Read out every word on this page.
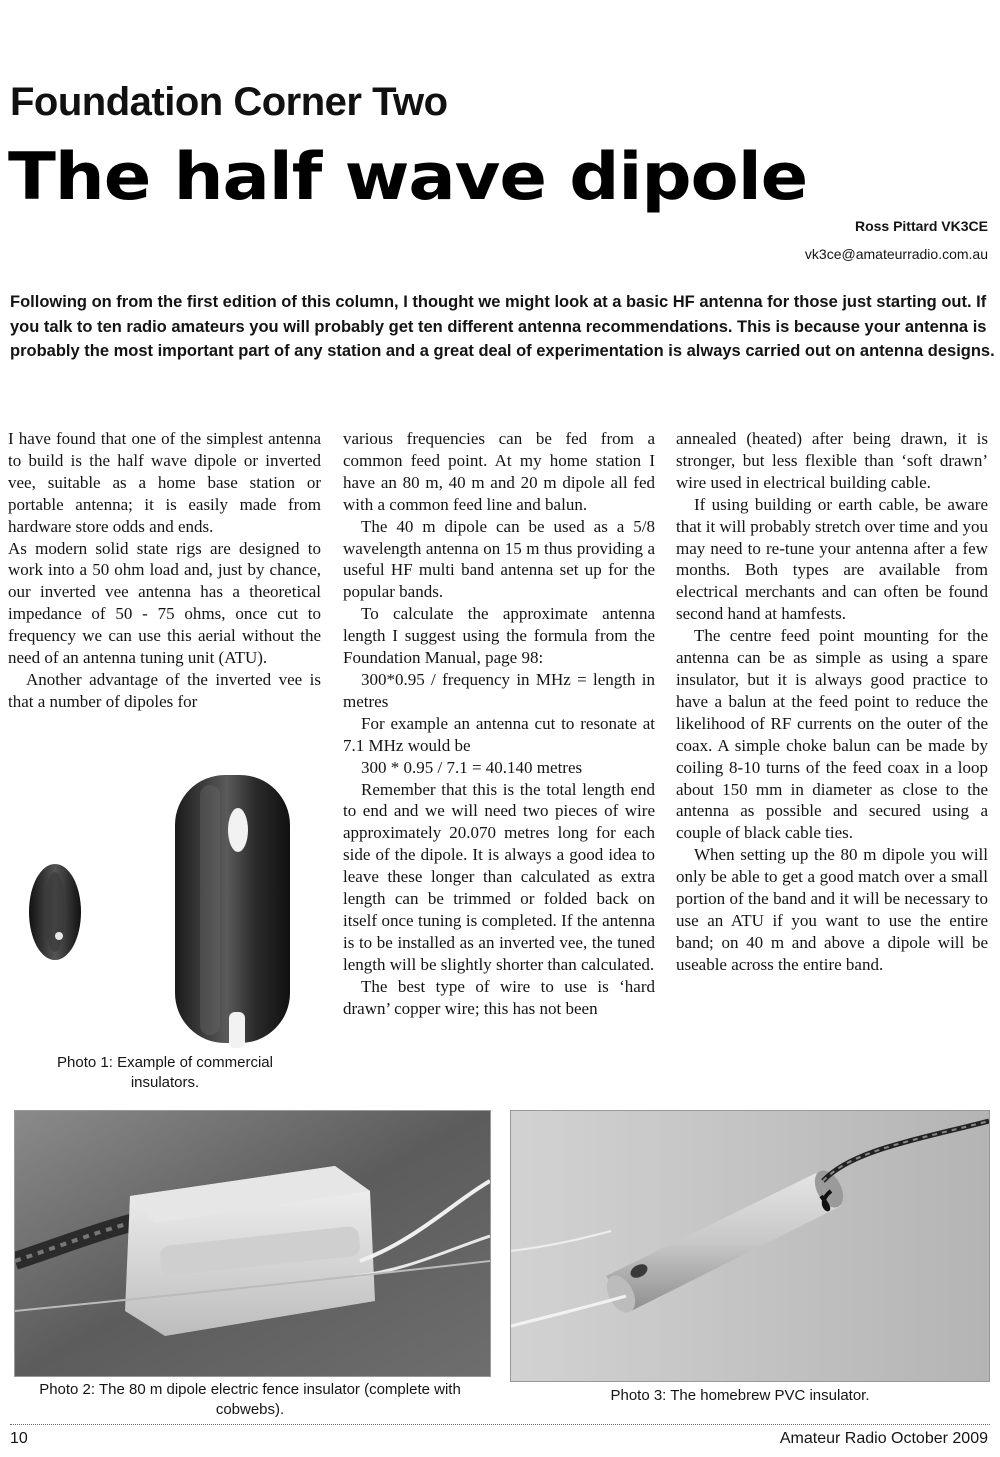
Foundation Corner Two
The half wave dipole
Ross Pittard VK3CE
vk3ce@amateurradio.com.au

Following on from the first edition of this column, I thought we might look at a basic HF antenna for those just starting out. If you talk to ten radio amateurs you will probably get ten different antenna recommendations. This is because your antenna is probably the most important part of any station and a great deal of experimentation is always carried out on antenna designs.

I have found that one of the simplest antenna to build is the half wave dipole or inverted vee, suitable as a home base station or portable antenna; it is easily made from hardware store odds and ends.

As modern solid state rigs are designed to work into a 50 ohm load and, just by chance, our inverted vee antenna has a theoretical impedance of 50 - 75 ohms, once cut to frequency we can use this aerial without the need of an antenna tuning unit (ATU).

Another advantage of the inverted vee is that a number of dipoles for

Photo 1: Example of commercial insulators.

various frequencies can be fed from a common feed point. At my home station I have an 80 m, 40 m and 20 m dipole all fed with a common feed line and balun.

The 40 m dipole can be used as a 5/8 wavelength antenna on 15 m thus providing a useful HF multi band antenna set up for the popular bands.

To calculate the approximate antenna length I suggest using the formula from the Foundation Manual, page 98:

300*0.95 / frequency in MHz = length in metres

For example an antenna cut to resonate at 7.1 MHz would be

300 * 0.95 / 7.1 = 40.140 metres

Remember that this is the total length end to end and we will need two pieces of wire approximately 20.070 metres long for each side of the dipole. It is always a good idea to leave these longer than calculated as extra length can be trimmed or folded back on itself once tuning is completed. If the antenna is to be installed as an inverted vee, the tuned length will be slightly shorter than calculated.

The best type of wire to use is ‘hard drawn’ copper wire; this has not been

annealed (heated) after being drawn, it is stronger, but less flexible than ‘soft drawn’ wire used in electrical building cable.

If using building or earth cable, be aware that it will probably stretch over time and you may need to re-tune your antenna after a few months. Both types are available from electrical merchants and can often be found second hand at hamfests.

The centre feed point mounting for the antenna can be as simple as using a spare insulator, but it is always good practice to have a balun at the feed point to reduce the likelihood of RF currents on the outer of the coax. A simple choke balun can be made by coiling 8-10 turns of the feed coax in a loop about 150 mm in diameter as close to the antenna as possible and secured using a couple of black cable ties.

When setting up the 80 m dipole you will only be able to get a good match over a small portion of the band and it will be necessary to use an ATU if you want to use the entire band; on 40 m and above a dipole will be useable across the entire band.

Photo 2: The 80 m dipole electric fence insulator (complete with cobwebs).
Photo 3: The homebrew PVC insulator.
10	Amateur Radio October 2009
